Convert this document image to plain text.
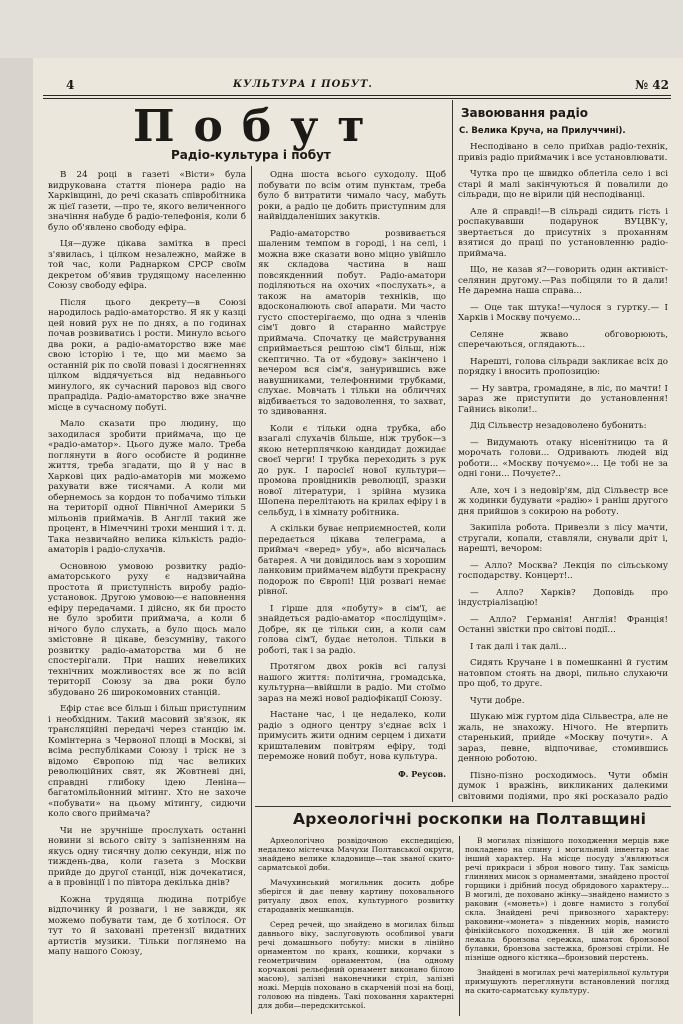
4	КУЛЬТУРА І ПОБУТ.	№ 42
Побут
Радіо-культура і побут
Завоювання радіо
С. Велика Круча, на Прилуччині).

В 24 році в газеті «Вісти» була видрукована стаття піонера радіо на Харківщині, до речі сказать співробітника ж цієї газети, —про те, якого величенного значіння набуде б радіо-телефонія, коли б було об'явлено свободу ефіра.

Ця—дуже цікава замітка в пресі з'явилась, і цілком незалежно, майже в той час, коли Раднарком СРСР своїм декретом об'явив трудящому населенню Союзу свободу ефіра.

Після цього декрету—в Союзі народилось радіо-аматорство. Я як у казці цей новий рух не по днях, а по годинах почав розвиватись і рости. Минуло всього два роки, а радіо-аматорство вже має свою історію і те, що ми маємо за останній рік по своїй повазі і досягненнях цілком віддячується від недавнього минулого, як сучасний паровоз від свого прапрадіда. Радіо-аматорство вже значне місце в сучасному побуті.

Мало сказати про людину, що заходилася зробити приймача, що це «радіо-аматор». Цього дуже мало. Треба поглянути в його особисте й родинне життя, треба згадати, що й у нас в Харкові цих радіо-аматорів ми можемо рахувати вже тисячами. А коли ми обернемось за кордон то побачимо тільки на території одної Північної Америки 5 мільонів приймачів. В Англії такий же процент, в Німеччині трохи менший і т. д. Така незвичайно велика кількість радіо-аматорів і радіо-слухачів.

Основною умовою розвитку радіо-аматорського руху є надзвичайна простота й приступність виробу радіо-установок. Другою умовою—є наповнення ефіру передачами. І дійсно, як би просто не було зробити приймача, а коли б нічого було слухать, а було щось мало змістовне й цікаве, безсумніву, такого розвитку радіо-аматорства ми б не спостерігали. При наших невеликих технічних можливостях все ж по всій території Союзу за два роки було збудовано 26 широкомовних станцій.

Ефір стає все більш і більш приступним і необхідним. Такий масовий зв'язок, як трансляційні передачі через станцію ім. Комінтерна з Червоної площі в Москві, зі всіма республіками Союзу і тріск не з відомо Європою під час великих революційних свят, як Жовтневі дні, справдні глибоку ідею Леніна—багатомільйонний мітинг. Хто не захоче «побувати» на цьому мітингу, сидючи коло свого приймача?

Чи не зручніше прослухать останні новини зі всього світу з запізненням на якусь одну тисячну долю секунди, ніж по тиждень-два, коли газета з Москви прийде до другої станції, ніж дочекатися, а в провінції і по півтора декілька днів?

Кожна трудяща людина потрібує відпочинку й розваги, і не завжди, як можемо побувати там, де б хотілося. От тут то й заховані претензії видатних артистів музики. Тільки поглянемо на мапу нашого Союзу,

Одна шоста всього суходолу. Щоб побувати по всім отим пунктам, треба було б витратити чимало часу, мабуть роки, а радіо це добить приступним для найвіддаленіших закутків.

Радіо-аматорство розвивається шаленим темпом в городі, і на селі, і можна вже сказати воно міцно увійшло як складова частина в наш повсякденний побут. Радіо-аматори поділяються на охочих «послухать», а також на аматорів техніків, що вдосконалюють свої апарати. Ми часто густо спостерігаємо, що одна з членів сім'ї довго й старанно майструє приймача. Спочатку це майстрування сприймається рештою сім'ї більш, ніж скептично. Та от «будову» закінчено і вечером вся сім'я, занурившись вже навушниками, телефонними трубками, слухає. Мовчать і тільки на обличчях відбивається то задоволення, то захват, то здивовання.

Коли є тільки одна трубка, або взагалі слухачів більше, ніж трубок—з якою нетерплячкою кандидат дожидає своєї черги! І трубка переходить з рук до рук. І паросієї нової культури—промова провідників революції, зразки нової літератури, і зрійна музика Шопена перелітають на крилах ефіру і в сельбуд, і в хімнату робітника.

А скільки буває неприємностей, коли передається цікава телеграма, а приймач «веред» убу», або вісичалась батарея. А чи довідилось вам з хорошим ланковим приймачем відбути прекрасну подорож по Європі! Цій розвагі немає рівної.

І гірше для «побуту» в сім'ї, ає знайдеться радіо-аматор «послідущім». Добре, як це тільки син, а коли сам голова сім'ї, будає нетолон. Тільки в роботі, так і за радіо.

Протягом двох років всі галузі нашого життя: політична, громадська, культурна—ввійшли в радіо. Ми стоїмо зараз на межі нової радіофікації Союзу.

Настане час, і це недалеко, коли радіо з одного центру з'єднає всіх і примусить жити одним серцем і дихати кришталевим повітрям ефіру, тоді переможе новий побут, нова культура.

Ф. Реусов.

Несподівано в село приїхав радіо-технік, привіз радіо приймачик і все установлювати.

Чутка про це швидко облетіла село і всі старі й малі закінчуються й повалили до сільради, що не вірили цій несподіванці.

Але й справді!—В сільраді сидить гість і роспакувавши подарунок ВУЦВК'у, звертається до присутніх з проханням взятися до праці по установленню радіо-приймача.

Що, не казав я?—говорить один активіст-селянин другому.—Раз побіцяли то й дали! Не даремна наша справа...

— Оце так штука!—чулося з гуртку.— І Харків і Москву почуємо...

Селяне жваво обговорюють, сперечаються, оглядають...

Нарешті, голова сільради закликає всіх до порядку і вносить пропозицію:

— Ну завтра, громадяне, в ліс, по мачти! І зараз же приступити до установлення! Гайнись віколи!..

Дід Сільвестр незадоволено бубонить:

— Видумають отаку нісенітницю та й морочать голови... Одривають людей від роботи... «Москву почуємо»... Це тобі не за одні гони... Почуєте?..

Але, хоч і з недовір'ям, дід Сільвестр все ж ходинки будувати «радію» і раніш другого дня прийшов з сокирою на роботу.

Закипіла робота. Привезли з лісу мачти, стругали, копали, ставляли, снували дріт і, нарешті, вечором:

— Алло? Москва? Лекція по сільському господарству. Концерт!..

— Алло? Харків? Доповідь про індустріалізацію!

— Алло? Германія! Англія! Франція! Останні звістки про світові події...

І так далі і так далі...

Сидять Кручане і в помешканні й густим натовпом стоять на дворі, пильно слухаючи про щоб, то другє.

Чути добре.

Шукаю між гуртом діда Сільвестра, але не жаль, не знахожу. Нічого. Не втерпить старенький, прийде «Москву почути». А зараз, певне, відпочиває, стомившись денною роботою.

Пізно-пізно росходимось. Чути обмін думок і вражінь, викликаних далекими світовими подіями, про які росказало радіо

Археологічні роскопки на Полтавщині

Археологічно розвідочною експедицією, недалеко містечка Мачухи Полтавської округи, знайдено велике кладовище—так званої скито-сарматської доби.

Мачухинський могильник досить добре зберігся й дає певну картину поховального ритуалу двох епох, культурного розвитку стародавніх мешканців.

Серед речей, що знайдено в могилах більш давнього віку, заслуговують особливої уваги речі домашнього побуту: миски в лінійно орнаментом по краях, кошики, корчаки з геометричним орнаментом, (на одному корчакові рельєфний орнамент виконано білою масою), залізні наконечники стріл, залізні ножі. Мерців поховано в скарченій позі на боці, головою на південь. Такі поховання характерні для доби—передскитської.

В могилах пізнішого походження мерців вже покладено на спину і могильний інвентар має інший характер. На місце посуду з'являються речі прикраси і зброя нового типу. Так замісць глиняних мисок з орнаментами, знайдено простої горщики і дрібний посуд обрядового характеру... В могилі, де поховано жінку—знайдено намисто з раковин («монеть») і довге намисто з голубої скла. Знайдені речі привозного характеру: раковини-«монета» з південних морів, намисто фінікійського походження. В цій же могилі лежала бронзова сережка, шматок бронзової булавки, бронзова застежка, бронзові стріли. Не пізніше одного кістяка—бронзовий перстень.

Знайдені в могилах речі матеріяльної культури примушують переглянути встановлений погляд на скито-сарматську культуру.
